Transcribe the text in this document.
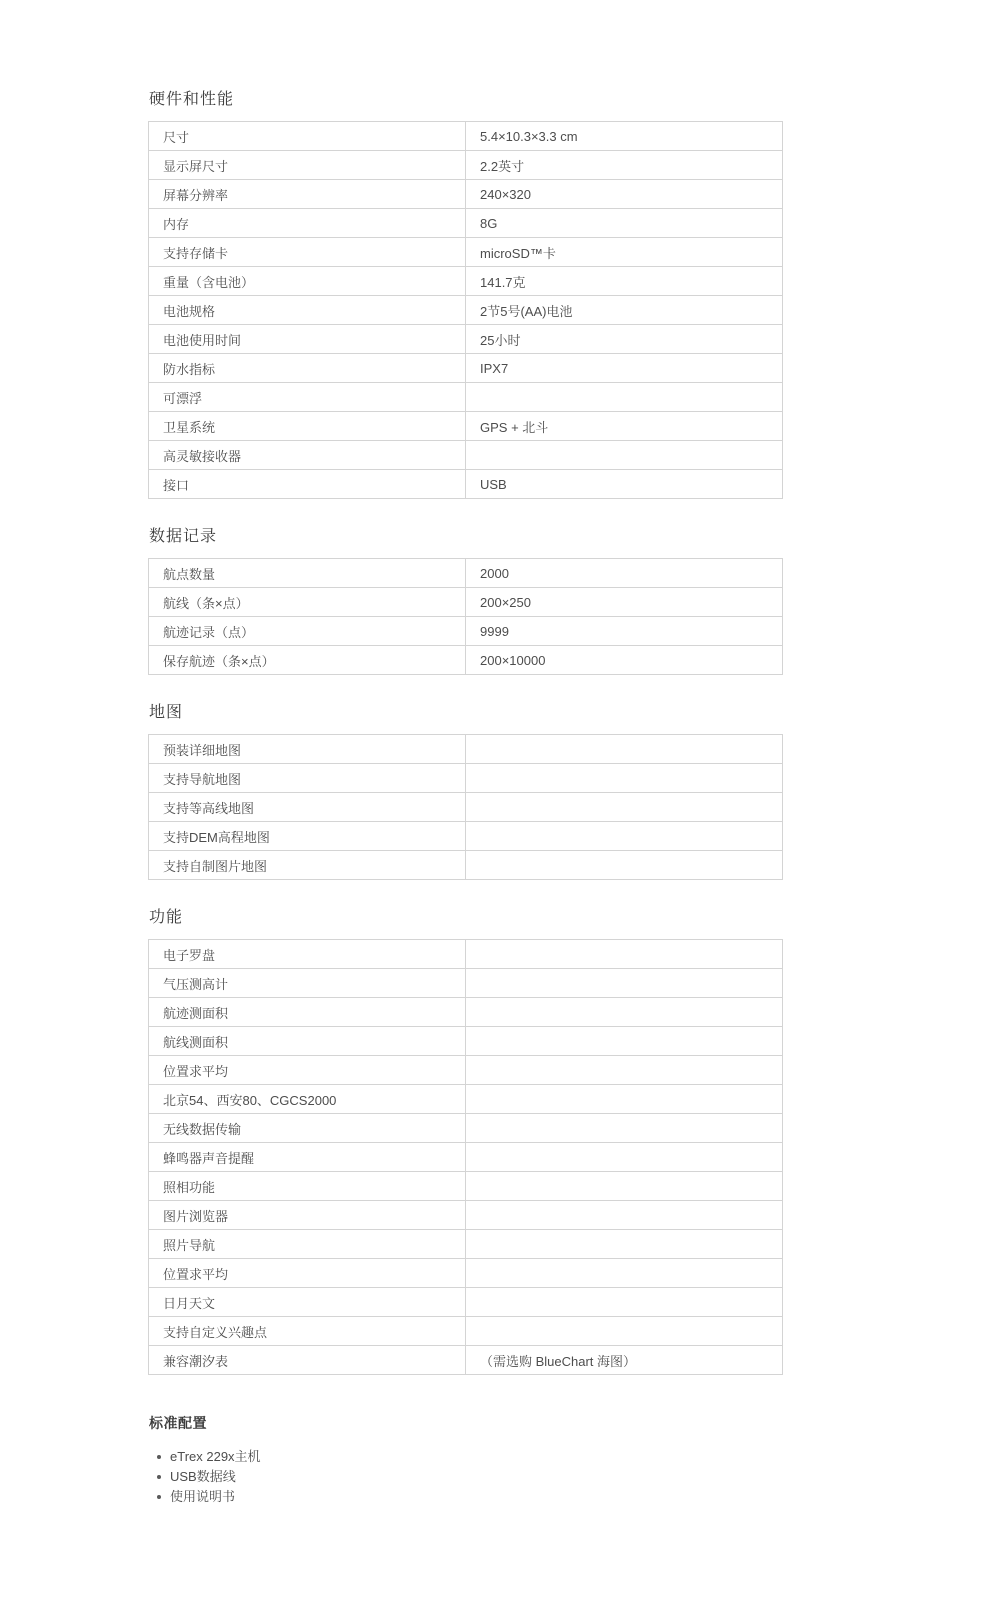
硬件和性能
尺寸	5.4×10.3×3.3 cm
显示屏尺寸	2.2英寸
屏幕分辨率	240×320
内存	8G
支持存储卡	microSD™卡
重量（含电池）	141.7克
电池规格	2节5号(AA)电池
电池使用时间	25小时
防水指标	IPX7
可漂浮	
卫星系统	GPS + 北斗
高灵敏接收器	
接口	USB
数据记录
航点数量	2000
航线（条×点）	200×250
航迹记录（点）	9999
保存航迹（条×点）	200×10000
地图
预装详细地图	
支持导航地图	
支持等高线地图	
支持DEM高程地图	
支持自制图片地图	
功能
电子罗盘	
气压测高计	
航迹测面积	
航线测面积	
位置求平均	
北京54、西安80、CGCS2000	
无线数据传输	
蜂鸣器声音提醒	
照相功能	
图片浏览器	
照片导航	
位置求平均	
日月天文	
支持自定义兴趣点	
兼容潮汐表	（需选购 BlueChart 海图）
标准配置
eTrex 229x主机
USB数据线
使用说明书
